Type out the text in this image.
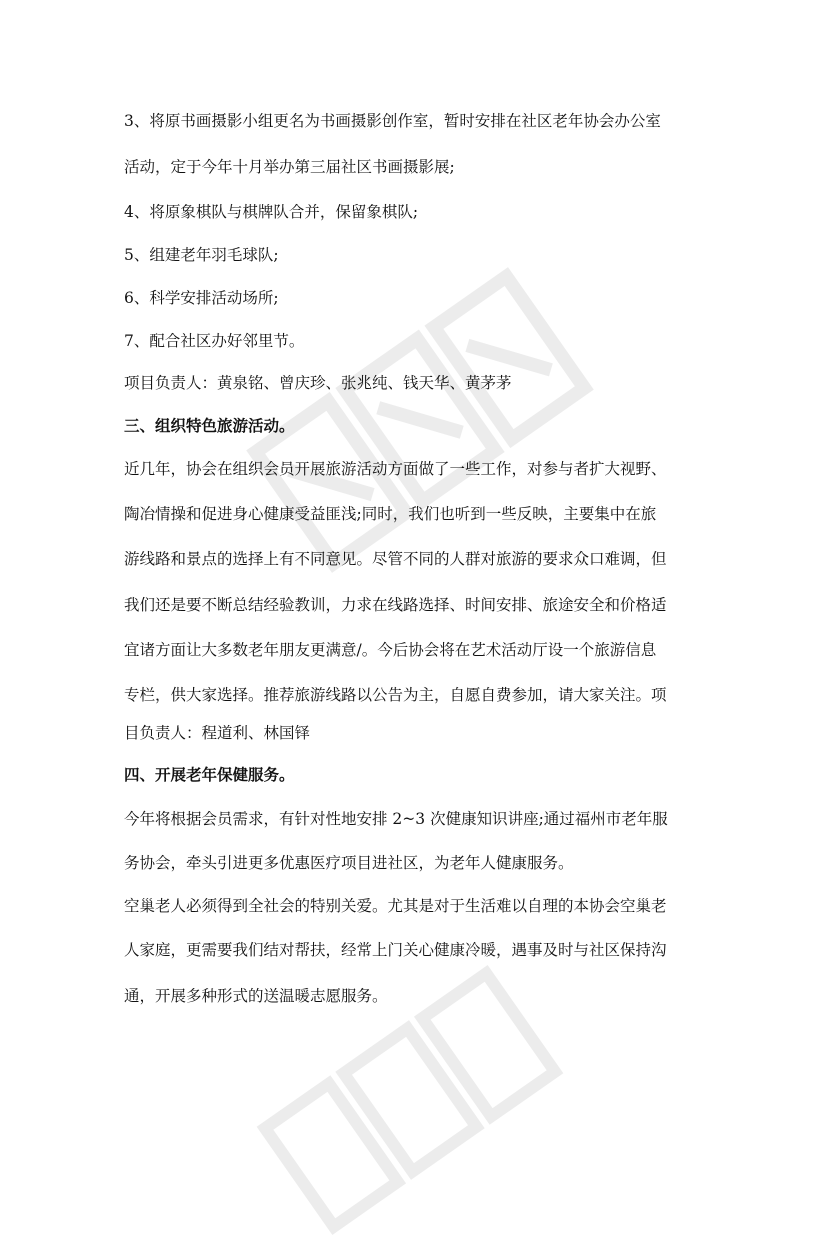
3、将原书画摄影小组更名为书画摄影创作室，暂时安排在社区老年协会办公室

活动，定于今年十月举办第三届社区书画摄影展;

4、将原象棋队与棋牌队合并，保留象棋队;

5、组建老年羽毛球队;

6、科学安排活动场所;

7、配合社区办好邻里节。

项目负责人：黄泉铭、曾庆珍、张兆纯、钱天华、黄茅茅

三、组织特色旅游活动。

近几年，协会在组织会员开展旅游活动方面做了一些工作，对参与者扩大视野、

陶冶情操和促进身心健康受益匪浅;同时，我们也听到一些反映，主要集中在旅

游线路和景点的选择上有不同意见。尽管不同的人群对旅游的要求众口难调，但

我们还是要不断总结经验教训，力求在线路选择、时间安排、旅途安全和价格适

宜诸方面让大多数老年朋友更满意/。今后协会将在艺术活动厅设一个旅游信息

专栏，供大家选择。推荐旅游线路以公告为主，自愿自费参加，请大家关注。项

目负责人：程道利、林国铎

四、开展老年保健服务。

今年将根据会员需求，有针对性地安排 2~3 次健康知识讲座;通过福州市老年服

务协会，牵头引进更多优惠医疗项目进社区，为老年人健康服务。

空巢老人必须得到全社会的特别关爱。尤其是对于生活难以自理的本协会空巢老

人家庭，更需要我们结对帮扶，经常上门关心健康冷暖，遇事及时与社区保持沟

通，开展多种形式的送温暖志愿服务。
